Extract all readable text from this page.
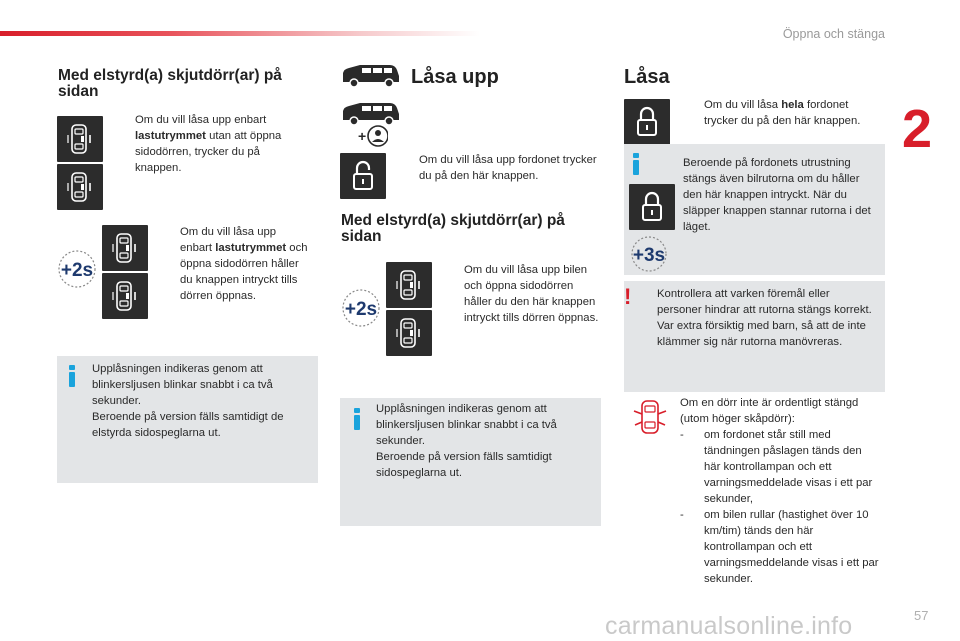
Öppna och stänga
2
Med elstyrd(a) skjutdörr(ar) på sidan
Om du vill låsa upp enbart lastutrymmet utan att öppna sidodörren, trycker du på knappen.
+2s
Om du vill låsa upp enbart lastutrymmet och öppna sidodörren håller du knappen intryckt tills dörren öppnas.
Upplåsningen indikeras genom att blinkersljusen blinkar snabbt i ca två sekunder.
Beroende på version fälls samtidigt de elstyrda sidospeglarna ut.
Låsa upp
+
Om du vill låsa upp fordonet trycker du på den här knappen.
Med elstyrd(a) skjutdörr(ar) på sidan
+2s
Om du vill låsa upp bilen och öppna sidodörren håller du den här knappen intryckt tills dörren öppnas.
Upplåsningen indikeras genom att blinkersljusen blinkar snabbt i ca två sekunder.
Beroende på version fälls samtidigt sidospeglarna ut.
Låsa
Om du vill låsa hela fordonet trycker du på den här knappen.
+3s
Beroende på fordonets utrustning stängs även bilrutorna om du håller den här knappen intryckt. När du släpper knappen stannar rutorna i det läget.
! Kontrollera att varken föremål eller personer hindrar att rutorna stängs korrekt.
Var extra försiktig med barn, så att de inte klämmer sig när rutorna manövreras.
Om en dörr inte är ordentligt stängd (utom höger skåpdörr):
- om fordonet står still med tändningen påslagen tänds den här kontrollampan och ett varningsmeddelade visas i ett par sekunder,
- om bilen rullar (hastighet över 10 km/tim) tänds den här kontrollampan och ett varningsmeddelande visas i ett par sekunder.
carmanualsonline.info	57
